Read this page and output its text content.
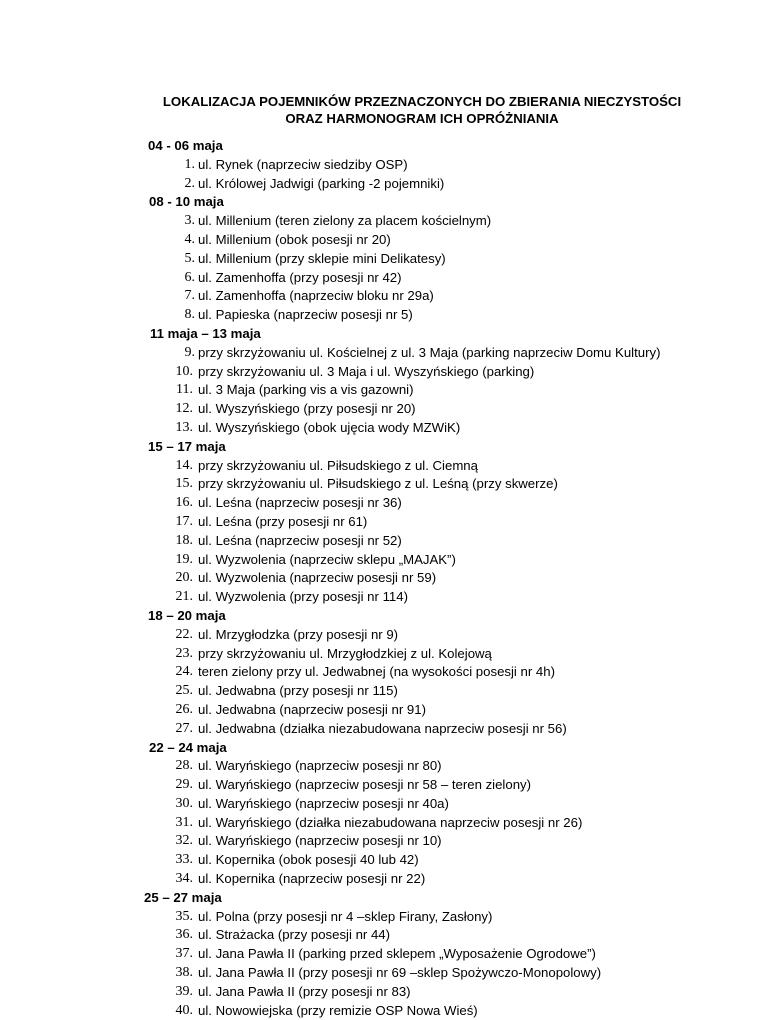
LOKALIZACJA POJEMNIKÓW PRZEZNACZONYCH DO ZBIERANIA NIECZYSTOŚCI
ORAZ HARMONOGRAM ICH OPRÓŻNIANIA
04 - 06 maja
1. ul. Rynek (naprzeciw siedziby OSP)
2. ul. Królowej Jadwigi (parking -2 pojemniki)
08 - 10 maja
3. ul. Millenium (teren zielony za placem kościelnym)
4. ul. Millenium (obok posesji nr 20)
5. ul. Millenium (przy sklepie mini Delikatesy)
6. ul. Zamenhoffa (przy posesji nr 42)
7. ul. Zamenhoffa (naprzeciw bloku nr 29a)
8. ul. Papieska (naprzeciw posesji nr 5)
11 maja – 13 maja
9. przy skrzyżowaniu ul. Kościelnej z ul. 3 Maja (parking naprzeciw Domu Kultury)
10. przy skrzyżowaniu ul. 3 Maja i ul. Wyszyńskiego (parking)
11. ul. 3 Maja (parking vis a vis gazowni)
12. ul. Wyszyńskiego (przy posesji nr 20)
13. ul. Wyszyńskiego (obok ujęcia wody MZWiK)
15 – 17 maja
14. przy skrzyżowaniu ul. Piłsudskiego z ul. Ciemną
15. przy skrzyżowaniu ul. Piłsudskiego z ul. Leśną (przy skwerze)
16. ul. Leśna (naprzeciw posesji nr 36)
17. ul. Leśna (przy posesji nr 61)
18. ul. Leśna (naprzeciw posesji nr 52)
19. ul. Wyzwolenia (naprzeciw sklepu „MAJAK”)
20. ul. Wyzwolenia (naprzeciw posesji nr 59)
21. ul. Wyzwolenia (przy posesji nr 114)
18 – 20 maja
22. ul. Mrzygłodzka (przy posesji nr 9)
23. przy skrzyżowaniu ul. Mrzygłodzkiej z ul. Kolejową
24. teren zielony przy ul. Jedwabnej (na wysokości posesji nr 4h)
25. ul. Jedwabna (przy posesji nr 115)
26. ul. Jedwabna (naprzeciw posesji nr 91)
27. ul. Jedwabna (działka niezabudowana naprzeciw posesji nr 56)
22 – 24 maja
28. ul. Waryńskiego (naprzeciw posesji nr 80)
29. ul. Waryńskiego (naprzeciw posesji nr 58 – teren zielony)
30. ul. Waryńskiego (naprzeciw posesji nr 40a)
31. ul. Waryńskiego (działka niezabudowana naprzeciw posesji nr 26)
32. ul. Waryńskiego (naprzeciw posesji nr 10)
33. ul. Kopernika (obok posesji 40 lub 42)
34. ul. Kopernika (naprzeciw posesji nr 22)
25 – 27 maja
35. ul. Polna (przy posesji nr 4 –sklep Firany, Zasłony)
36. ul. Strażacka (przy posesji nr 44)
37. ul. Jana Pawła II (parking przed sklepem „Wyposażenie Ogrodowe”)
38. ul. Jana Pawła II (przy posesji nr 69 –sklep Spożywczo-Monopolowy)
39. ul. Jana Pawła II (przy posesji nr 83)
40. ul. Nowowiejska (przy remizie OSP Nowa Wieś)
